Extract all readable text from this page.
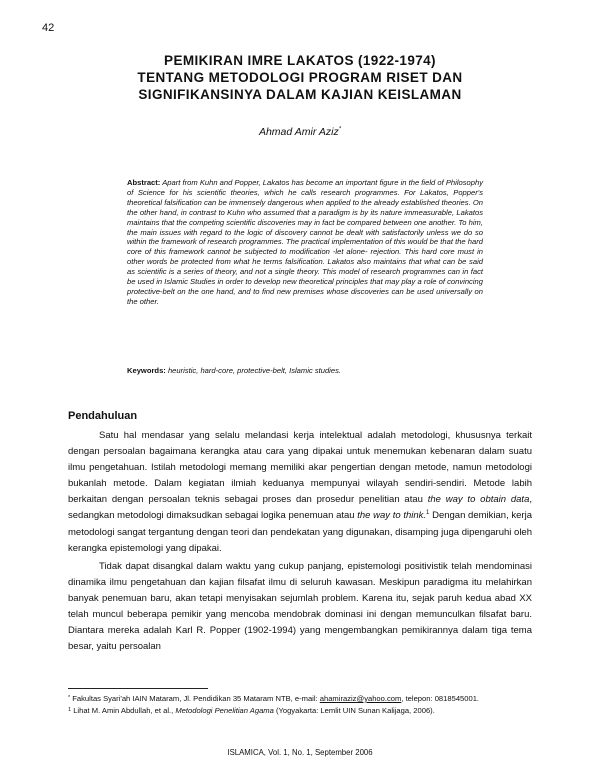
42
PEMIKIRAN IMRE LAKATOS (1922-1974)
TENTANG METODOLOGI PROGRAM RISET DAN
SIGNIFIKANSINYA DALAM KAJIAN KEISLAMAN
Ahmad Amir Aziz*
Abstract: Apart from Kuhn and Popper, Lakatos has become an important figure in the field of Philosophy of Science for his scientific theories, which he calls research programmes. For Lakatos, Popper's theoretical falsification can be immensely dangerous when applied to the already established theories. On the other hand, in contrast to Kuhn who assumed that a paradigm is by its nature immeasurable, Lakatos maintains that the competing scientific discoveries may in fact be compared between one another. To him, the main issues with regard to the logic of discovery cannot be dealt with satisfactorily unless we do so within the framework of research programmes. The practical implementation of this would be that the hard core of this framework cannot be subjected to modification -let alone- rejection. This hard core must in other words be protected from what he terms falsification. Lakatos also maintains that what can be said as scientific is a series of theory, and not a single theory. This model of research programmes can in fact be used in Islamic Studies in order to develop new theoretical principles that may play a role of convincing protective-belt on the one hand, and to find new premises whose discoveries can be used universally on the other.
Keywords: heuristic, hard-core, protective-belt, Islamic studies.
Pendahuluan

Satu hal mendasar yang selalu melandasi kerja intelektual adalah metodologi, khususnya terkait dengan persoalan bagaimana kerangka atau cara yang dipakai untuk menemukan kebenaran dalam suatu ilmu pengetahuan. Istilah metodologi memang memiliki akar pengertian dengan metode, namun metodologi bukanlah metode. Dalam kegiatan ilmiah keduanya mempunyai wilayah sendiri-sendiri. Metode labih berkaitan dengan persoalan teknis sebagai proses dan prosedur penelitian atau the way to obtain data, sedangkan metodologi dimaksudkan sebagai logika penemuan atau the way to think.$^1$ Dengan demikian, kerja metodologi sangat tergantung dengan teori dan pendekatan yang digunakan, disamping juga dipengaruhi oleh kerangka epistemologi yang dipakai.

Tidak dapat disangkal dalam waktu yang cukup panjang, epistemologi positivistik telah mendominasi dinamika ilmu pengetahuan dan kajian filsafat ilmu di seluruh kawasan. Meskipun paradigma itu melahirkan banyak penemuan baru, akan tetapi menyisakan sejumlah problem. Karena itu, sejak paruh kedua abad XX telah muncul beberapa pemikir yang mencoba mendobrak dominasi ini dengan memunculkan filsafat baru. Diantara mereka adalah Karl R. Popper (1902-1994) yang mengembangkan pemikirannya dalam tiga tema besar, yaitu persoalan

* Fakultas Syari'ah IAIN Mataram, Jl. Pendidikan 35 Mataram NTB, e-mail: ahamiraziz@yahoo.com, telepon: 0818545001.

$^1$ Lihat M. Amin Abdullah, et al., Metodologi Penelitian Agama (Yogyakarta: Lemlit UIN Sunan Kalijaga, 2006).

ISLAMICA, Vol. 1, No. 1, September 2006
